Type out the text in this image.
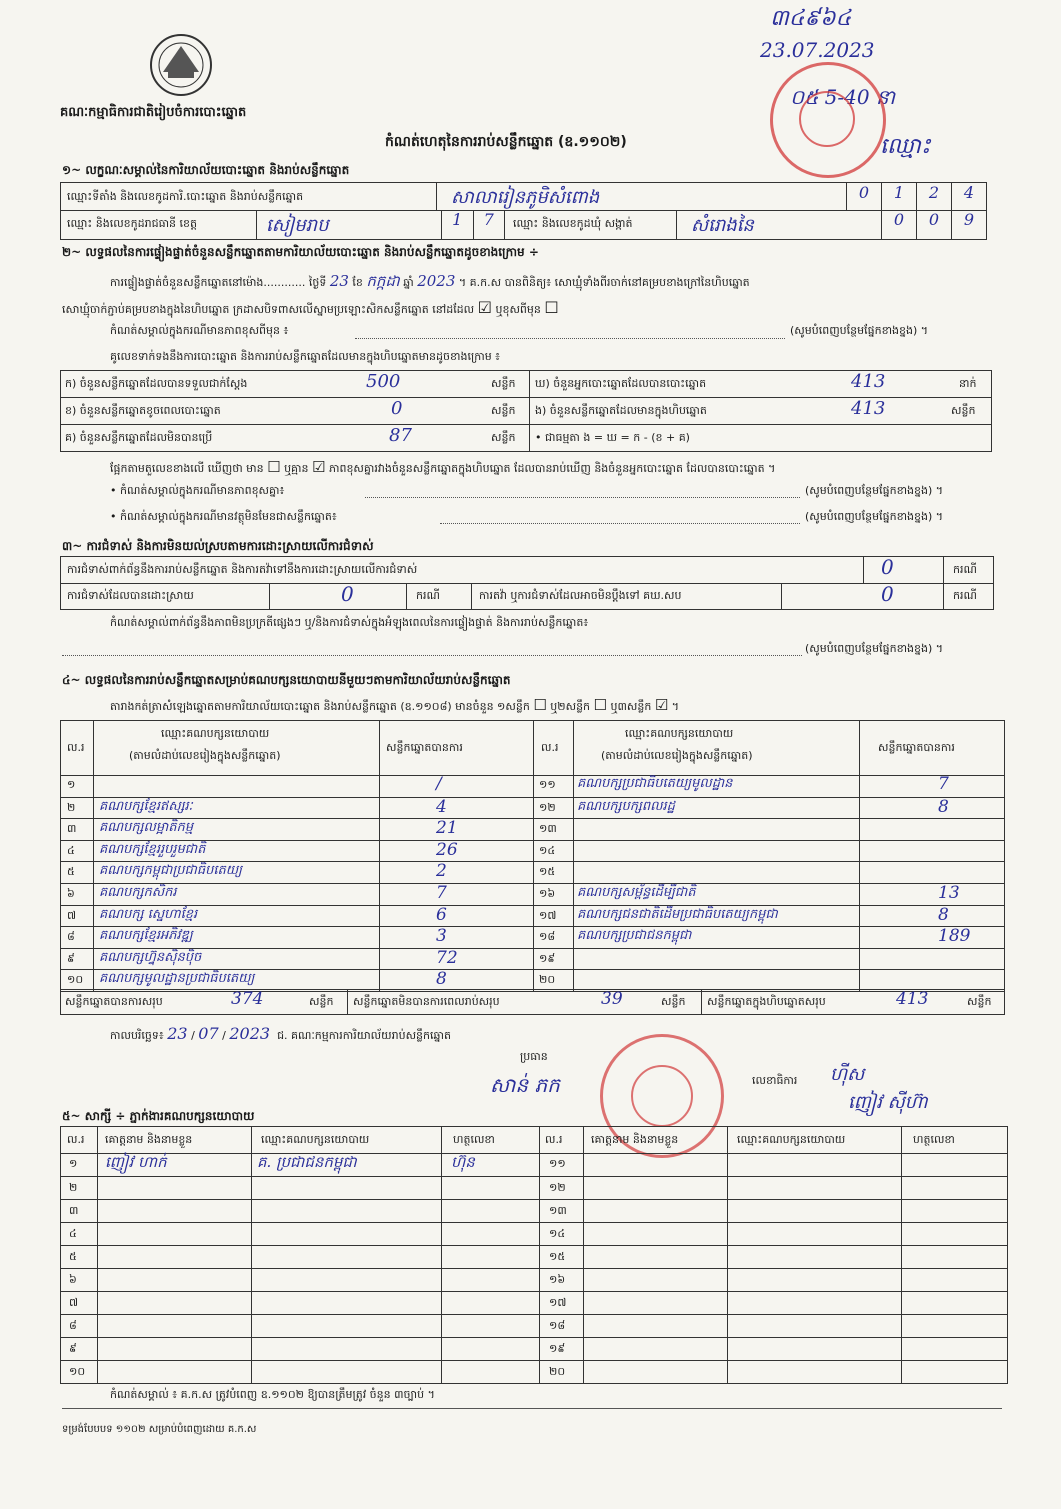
គណៈកម្មាធិការជាតិរៀបចំការបោះឆ្នោត
៣៤៩៦៤
23.07.2023
០៥ 5-40 នា
ឈ្មោះ
កំណត់ហេតុនៃការរាប់សន្លឹកឆ្នោត (ឧ.១១០២)
១~ លក្ខណៈសម្គាល់នៃការិយាល័យបោះឆ្នោត និងរាប់សន្លឹកឆ្នោត
ឈ្មោះទីតាំង និងលេខកូដការិ.បោះឆ្នោត និងរាប់សន្លឹកឆ្នោត	សាលារៀនភូមិសំពោង	0	1	2	4
ឈ្មោះ និងលេខកូដរាជធានី ខេត្ត	សៀមរាប	1	7	ឈ្មោះ និងលេខកូដឃុំ សង្កាត់	សំរោងនៃ	0	0	9
២~ លទ្ធផលនៃការផ្ទៀងផ្ទាត់ចំនួនសន្លឹកឆ្នោតតាមការិយាល័យបោះឆ្នោត និងរាប់សន្លឹកឆ្នោតដូចខាងក្រោម ÷
ការផ្ទៀងផ្ទាត់ចំនួនសន្លឹកឆ្នោតនៅម៉ោង............ ថ្ងៃទី 23 ខែ កក្កដា ឆ្នាំ 2023 ។ គ.ក.ស បានពិនិត្យ៖ សោឃ្មុំទាំងពីរចាក់នៅគម្របខាងក្រៅនៃហិបឆ្នោត
សោឃ្មុំចាក់ភ្ជាប់គម្របខាងក្នុងនៃហិបឆ្នោត ក្រដាសបិទពាសលើស្នាមប្រឡោះសិកសន្លឹកឆ្នោត នៅដដែល ☑ ឬខុសពីមុន ☐
កំណត់សម្គាល់ក្នុងករណីមានភាពខុសពីមុន ៖	(សូមបំពេញបន្ថែមផ្នែកខាងខ្នង) ។
គូលេខទាក់ទងនឹងការបោះឆ្នោត និងការរាប់សន្លឹកឆ្នោតដែលមានក្នុងហិបឆ្នោតមានដូចខាងក្រោម ៖
ក) ចំនួនសន្លឹកឆ្នោតដែលបានទទួលជាក់ស្តែង	500	សន្លឹក ឃ) ចំនួនអ្នកបោះឆ្នោតដែលបានបោះឆ្នោត	413	នាក់
ខ) ចំនួនសន្លឹកឆ្នោតខូចពេលបោះឆ្នោត	0	សន្លឹក ង) ចំនួនសន្លឹកឆ្នោតដែលមានក្នុងហិបឆ្នោត	413	សន្លឹក
គ) ចំនួនសន្លឹកឆ្នោតដែលមិនបានប្រើ	87	សន្លឹក • ជាធម្មតា ង = ឃ = ក - (ខ + គ)
ផ្អែកតាមតួលេខខាងលើ ឃើញថា មាន ☐ ឬគ្មាន ☑ ភាពខុសគ្នារវាងចំនួនសន្លឹកឆ្នោតក្នុងហិបឆ្នោត ដែលបានរាប់ឃើញ និងចំនួនអ្នកបោះឆ្នោត ដែលបានបោះឆ្នោត ។
• កំណត់សម្គាល់ក្នុងករណីមានភាពខុសគ្នា៖	(សូមបំពេញបន្ថែមផ្នែកខាងខ្នង) ។
• កំណត់សម្គាល់ក្នុងករណីមានវត្ថុមិនមែនជាសន្លឹកឆ្នោត៖	(សូមបំពេញបន្ថែមផ្នែកខាងខ្នង) ។
៣~ ការជំទាស់ និងការមិនយល់ស្របតាមការដោះស្រាយលើការជំទាស់
ការជំទាស់ពាក់ព័ន្ធនឹងការរាប់សន្លឹកឆ្នោត និងការតវ៉ាទៅនឹងការដោះស្រាយលើការជំទាស់	0	ករណី
ការជំទាស់ដែលបានដោះស្រាយ	0	ករណី	ការតវ៉ា ឬការជំទាស់ដែលអាចមិនប្តឹងទៅ គឃ.សប	0	ករណី
កំណត់សម្គាល់ពាក់ព័ន្ធនឹងភាពមិនប្រក្រតីផ្សេងៗ ឬ/និងការជំទាស់ក្នុងអំឡុងពេលនៃការផ្ទៀងផ្ទាត់ និងការរាប់សន្លឹកឆ្នោត៖
(សូមបំពេញបន្ថែមផ្នែកខាងខ្នង) ។
៤~ លទ្ធផលនៃការរាប់សន្លឹកឆ្នោតសម្រាប់គណបក្សនយោបាយនីមួយៗតាមការិយាល័យរាប់សន្លឹកឆ្នោត
តារាងកត់ត្រាសំឡេងឆ្នោតតាមការិយាល័យបោះឆ្នោត និងរាប់សន្លឹកឆ្នោត (ឧ.១១០៨) មានចំនួន ១សន្លឹក ☐ ឬ២សន្លឹក ☐ ឬ៣សន្លឹក ☑ ។
ល.រ
ឈ្មោះគណបក្សនយោបាយ
(តាមលំដាប់លេខរៀងក្នុងសន្លឹកឆ្នោត)
សន្លឹកឆ្នោតបានការ	ល.រ
ឈ្មោះគណបក្សនយោបាយ
(តាមលំដាប់លេខរៀងក្នុងសន្លឹកឆ្នោត)
សន្លឹកឆ្នោតបានការ
១	/
២ គណបក្សខ្មែរឥស្សរៈ	4
៣ គណបក្សលម្អាតិកម្ម	21
៤ គណបក្សខ្មែររួបរួមជាតិ	26
៥ គណបក្សកម្ពុជាប្រជាធិបតេយ្យ	2
៦ គណបក្សកសិករ	7
៧ គណបក្ស ស្នេហាខ្មែរ	6
៨ គណបក្សខ្មែរអភិវឌ្ឍ	3
៩ គណបក្សហ្វ៊ុនស៊ិនប៉ិច	72
១០ គណបក្សមូលដ្ឋានប្រជាធិបតេយ្យ	8
១១ គណបក្សប្រជាធិបតេយ្យមូលដ្ឋាន	7
១២ គណបក្សបក្សពលរដ្ឋ	8
១៣
១៤
១៥
១៦ គណបក្សសម្ព័ន្ធដើម្បីជាតិ	13
១៧ គណបក្សជនជាតិដើមប្រជាធិបតេយ្យកម្ពុជា	8
១៨ គណបក្សប្រជាជនកម្ពុជា	189
១៩
២០
សន្លឹកឆ្នោតបានការសរុប	374	សន្លឹក សន្លឹកឆ្នោតមិនបានការពេលរាប់សរុប	39	សន្លឹក សន្លឹកឆ្នោតក្នុងហិបឆ្នោតសរុប	413	សន្លឹក
កាលបរិច្ឆេទ៖ 23 / 07 / 2023 ជ. គណៈកម្មការការិយាល័យរាប់សន្លឹកឆ្នោត
ប្រធាន
សាន់ ភក	លេខាធិការ ហ៊ីស
ញៀវ ស៊ីហ៊ា
៥~ សាក្សី ÷ ភ្នាក់ងារគណបក្សនយោបាយ
ល.រ គោត្តនាម និងនាមខ្លួន	ឈ្មោះគណបក្សនយោបាយ	ហត្ថលេខា	ល.រ	គោត្តនាម និងនាមខ្លួន	ឈ្មោះគណបក្សនយោបាយ	ហត្ថលេខា
១ ញៀវ ហាក់	គ. ប្រជាជនកម្ពុជា	ហ៊ុន
២
៣
៤
៥
៦
៧
៨
៩
១០
១១
១២
១៣
១៤
១៥
១៦
១៧
១៨
១៩
២០
កំណត់សម្គាល់ ៖ គ.ក.ស ត្រូវបំពេញ ឧ.១១០២ ឱ្យបានត្រឹមត្រូវ ចំនួន ៣ច្បាប់ ។
ទម្រង់បែបបទ ១១០២ សម្រាប់បំពេញដោយ គ.ក.ស
